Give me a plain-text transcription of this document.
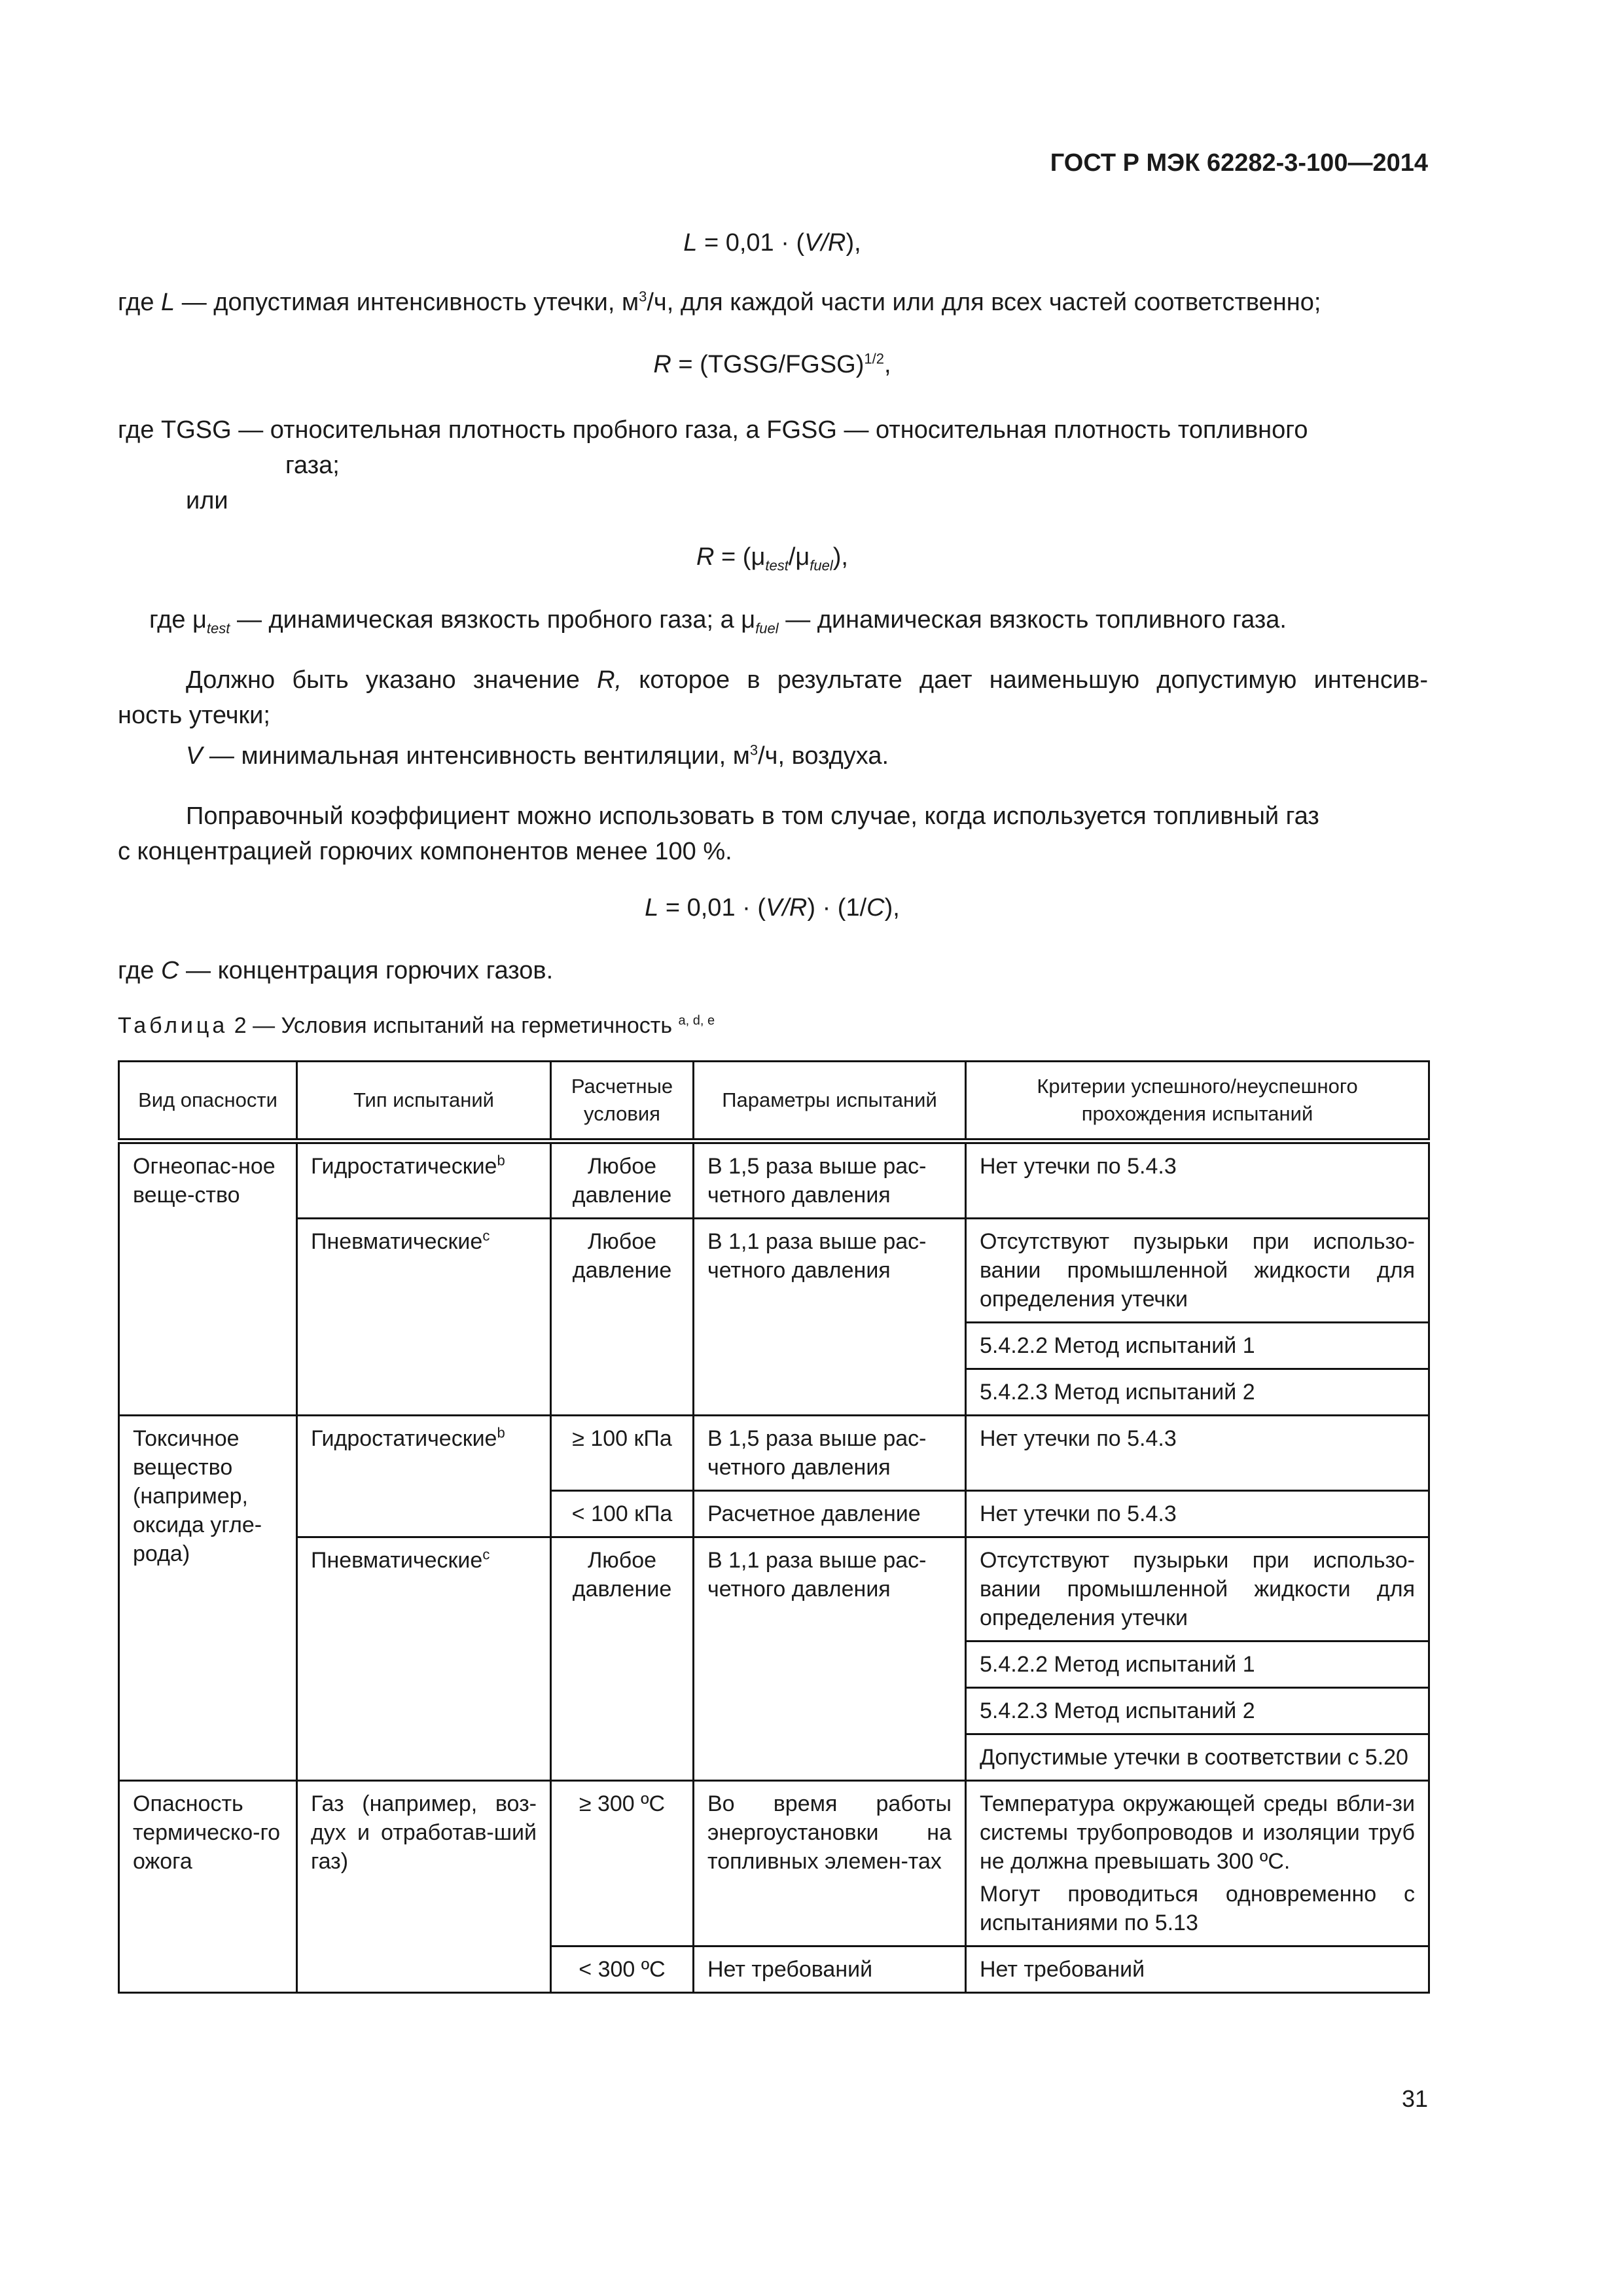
ГОСТ Р МЭК 62282-3-100—2014
L = 0,01 · (V/R),
где L — допустимая интенсивность утечки, $м^3/ч$, для каждой части или для всех частей соответственно;
R = (TGSG/FGSG)$^{1/2}$,
где TGSG — относительная плотность пробного газа, а FGSG — относительная плотность топливного
газа;
или
$R = (\mu_{test}/\mu_{fuel})$,
где $\mu_{test}$ — динамическая вязкость пробного газа; а $\mu_{fuel}$ — динамическая вязкость топливного газа.
Должно быть указано значение R, которое в результате дает наименьшую допустимую интенсив-
ность утечки;
V — минимальная интенсивность вентиляции, $м^3/ч$, воздуха.
Поправочный коэффициент можно использовать в том случае, когда используется топливный газ
с концентрацией горючих компонентов менее 100 %.
L = 0,01 · (V/R) · (1/C),
где C — концентрация горючих газов.
Таблица 2 — Условия испытаний на герметичность $^{a, d, e}$
Вид опасности	Тип испытаний	Расчетные условия	Параметры испытаний	Критерии успешного/неуспешного прохождения испытаний
Огнеопас-ное веще-ство	Гидростатические$^b$	Любое давление	В 1,5 раза выше рас-четного давления	Нет утечки по 5.4.3
	Пневматические$^c$	Любое давление	В 1,1 раза выше рас-четного давления	Отсутствуют пузырьки при использо-вании промышленной жидкости для определения утечки
				5.4.2.2 Метод испытаний 1
				5.4.2.3 Метод испытаний 2
Токсичное вещество (например, оксида угле-рода)	Гидростатические$^b$	≥ 100 кПа	В 1,5 раза выше рас-четного давления	Нет утечки по 5.4.3
		< 100 кПа	Расчетное давление	Нет утечки по 5.4.3
	Пневматические$^c$	Любое давление	В 1,1 раза выше рас-четного давления	Отсутствуют пузырьки при использо-вании промышленной жидкости для определения утечки
				5.4.2.2 Метод испытаний 1
				5.4.2.3 Метод испытаний 2
				Допустимые утечки в соответствии с 5.20
Опасность термическо-го ожога	Газ (например, воз-дух и отработав-ший газ)	≥ 300 ºС	Во время работы энергоустановки на топливных элемен-тах	Температура окружающей среды вбли-зи системы трубопроводов и изоляции труб не должна превышать 300 ºС.
Могут проводиться одновременно с испытаниями по 5.13

		< 300 ºС	Нет требований	Нет требований
31
